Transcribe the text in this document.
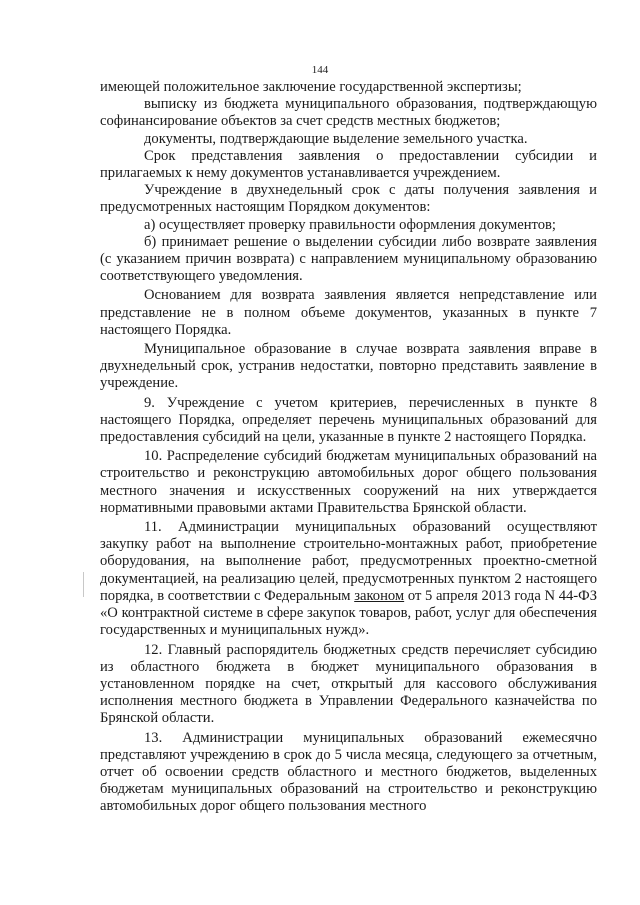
144

имеющей положительное заключение государственной экспертизы;

выписку из бюджета муниципального образования, подтверждающую софинансирование объектов за счет средств местных бюджетов;

документы, подтверждающие выделение земельного участка.

Срок представления заявления о предоставлении субсидии и прилагаемых к нему документов устанавливается учреждением.

Учреждение в двухнедельный срок с даты получения заявления и предусмотренных настоящим Порядком документов:

а) осуществляет проверку правильности оформления документов;

б) принимает решение о выделении субсидии либо возврате заявления (с указанием причин возврата) с направлением муниципальному образованию соответствующего уведомления.

Основанием для возврата заявления является непредставление или представление не в полном объеме документов, указанных в пункте 7 настоящего Порядка.

Муниципальное образование в случае возврата заявления вправе в двухнедельный срок, устранив недостатки, повторно представить заявление в учреждение.

9. Учреждение с учетом критериев, перечисленных в пункте 8 настоящего Порядка, определяет перечень муниципальных образований для предоставления субсидий на цели, указанные в пункте 2 настоящего Порядка.

10. Распределение субсидий бюджетам муниципальных образований на строительство и реконструкцию автомобильных дорог общего пользования местного значения и искусственных сооружений на них утверждается нормативными правовыми актами Правительства Брянской области.

11. Администрации муниципальных образований осуществляют закупку работ на выполнение строительно-монтажных работ, приобретение оборудования, на выполнение работ, предусмотренных проектно-сметной документацией, на реализацию целей, предусмотренных пунктом 2 настоящего порядка, в соответствии с Федеральным законом от 5 апреля 2013 года N 44-ФЗ «О контрактной системе в сфере закупок товаров, работ, услуг для обеспечения государственных и муниципальных нужд».

12. Главный распорядитель бюджетных средств перечисляет субсидию из областного бюджета в бюджет муниципального образования в установленном порядке на счет, открытый для кассового обслуживания исполнения местного бюджета в Управлении Федерального казначейства по Брянской области.

13. Администрации муниципальных образований ежемесячно представляют учреждению в срок до 5 числа месяца, следующего за отчетным, отчет об освоении средств областного и местного бюджетов, выделенных бюджетам муниципальных образований на строительство и реконструкцию автомобильных дорог общего пользования местного
